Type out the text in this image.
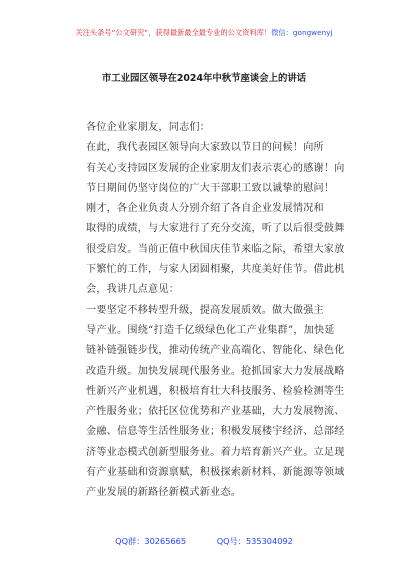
关注头条号“公文研究”，获得最新最全最专业的公文资料库！微信：gongwenyj
市工业园区领导在2024年中秋节座谈会上的讲话
各位企业家朋友，同志们：
在此，我代表园区领导向大家致以节日的问候！向所
有关心支持园区发展的企业家朋友们表示衷心的感谢！向
节日期间仍坚守岗位的广大干部职工致以诚挚的慰问！
刚才，各企业负责人分别介绍了各自企业发展情况和
取得的成绩，与大家进行了充分交流，听了以后很受鼓舞
很受启发。当前正值中秋国庆佳节来临之际，希望大家放
下繁忙的工作，与家人团圆相聚，共度美好佳节。借此机
会，我讲几点意见：
一要坚定不移转型升级，提高发展质效。做大做强主
导产业。围绕“打造千亿级绿色化工产业集群”，加快延
链补链强链步伐，推动传统产业高端化、智能化、绿色化
改造升级。加快发展现代服务业。抢抓国家大力发展战略
性新兴产业机遇，积极培育壮大科技服务、检验检测等生
产性服务业；依托区位优势和产业基础，大力发展物流、
金融、信息等生活性服务业；积极发展楼宇经济、总部经
济等业态模式创新型服务业。着力培育新兴产业。立足现
有产业基础和资源禀赋，积极探索新材料、新能源等领域
产业发展的新路径新模式新业态。
QQ群：30265665	QQ号：535304092
